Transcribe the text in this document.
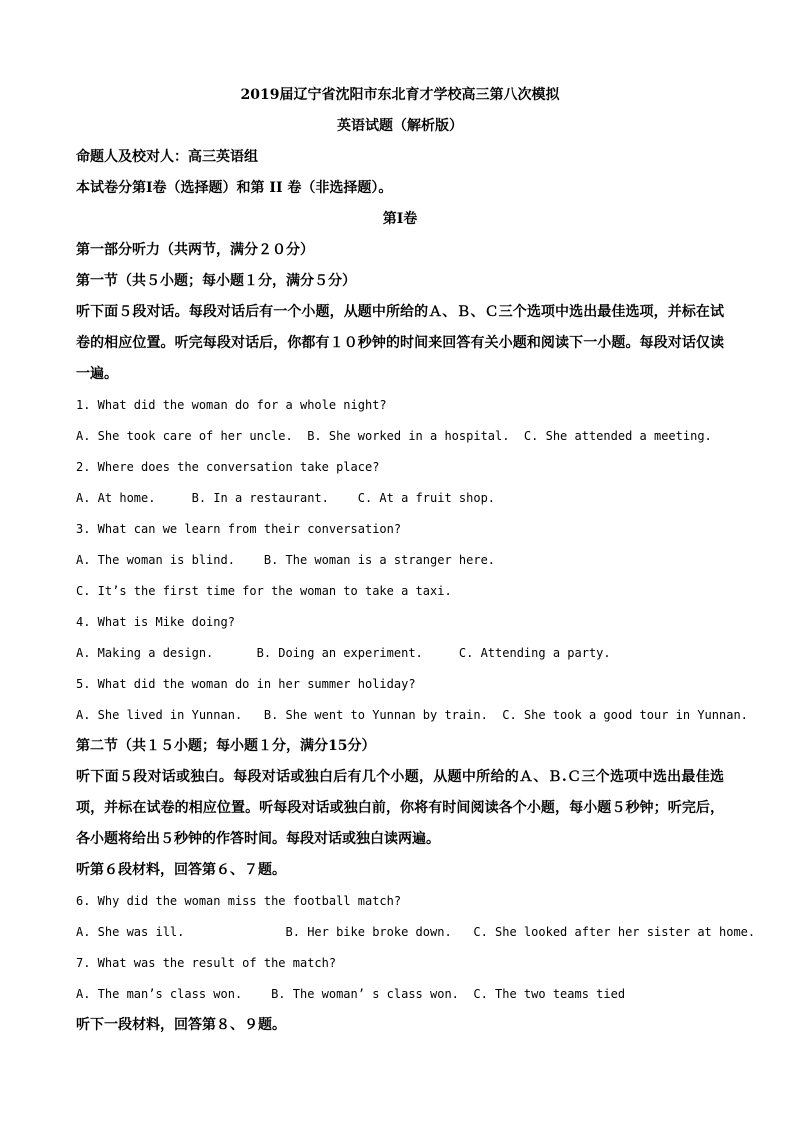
2019届辽宁省沈阳市东北育才学校高三第八次模拟
英语试题（解析版）
命题人及校对人：高三英语组
本试卷分第Ⅰ卷（选择题）和第 II 卷（非选择题）。
第Ⅰ卷
第一部分听力（共两节，满分２０分）
第一节（共５小题；每小题１分，满分５分）
听下面５段对话。每段对话后有一个小题，从题中所给的Ａ、Ｂ、Ｃ三个选项中选出最佳选项，并标在试卷的相应位置。听完每段对话后，你都有１０秒钟的时间来回答有关小题和阅读下一小题。每段对话仅读一遍。
1. What did the woman do for a whole night?
A. She took care of her uncle.  B. She worked in a hospital.  C. She attended a meeting.
2. Where does the conversation take place?
A. At home.     B. In a restaurant.    C. At a fruit shop.
3. What can we learn from their conversation?
A. The woman is blind.    B. The woman is a stranger here.
C. It’s the first time for the woman to take a taxi.
4. What is Mike doing?
A. Making a design.      B. Doing an experiment.     C. Attending a party.
5. What did the woman do in her summer holiday?
A. She lived in Yunnan.   B. She went to Yunnan by train.  C. She took a good tour in Yunnan.
第二节（共１５小题；每小题１分，满分15分）
听下面５段对话或独白。每段对话或独白后有几个小题，从题中所给的Ａ、Ｂ.Ｃ三个选项中选出最佳选项，并标在试卷的相应位置。听每段对话或独白前，你将有时间阅读各个小题，每小题５秒钟；听完后，各小题将给出５秒钟的作答时间。每段对话或独白读两遍。
听第６段材料，回答第６、７题。
6. Why did the woman miss the football match?
A. She was ill.              B. Her bike broke down.   C. She looked after her sister at home.
7. What was the result of the match?
A. The man’s class won.    B. The woman’ s class won.  C. The two teams tied
听下一段材料，回答第８、９题。
